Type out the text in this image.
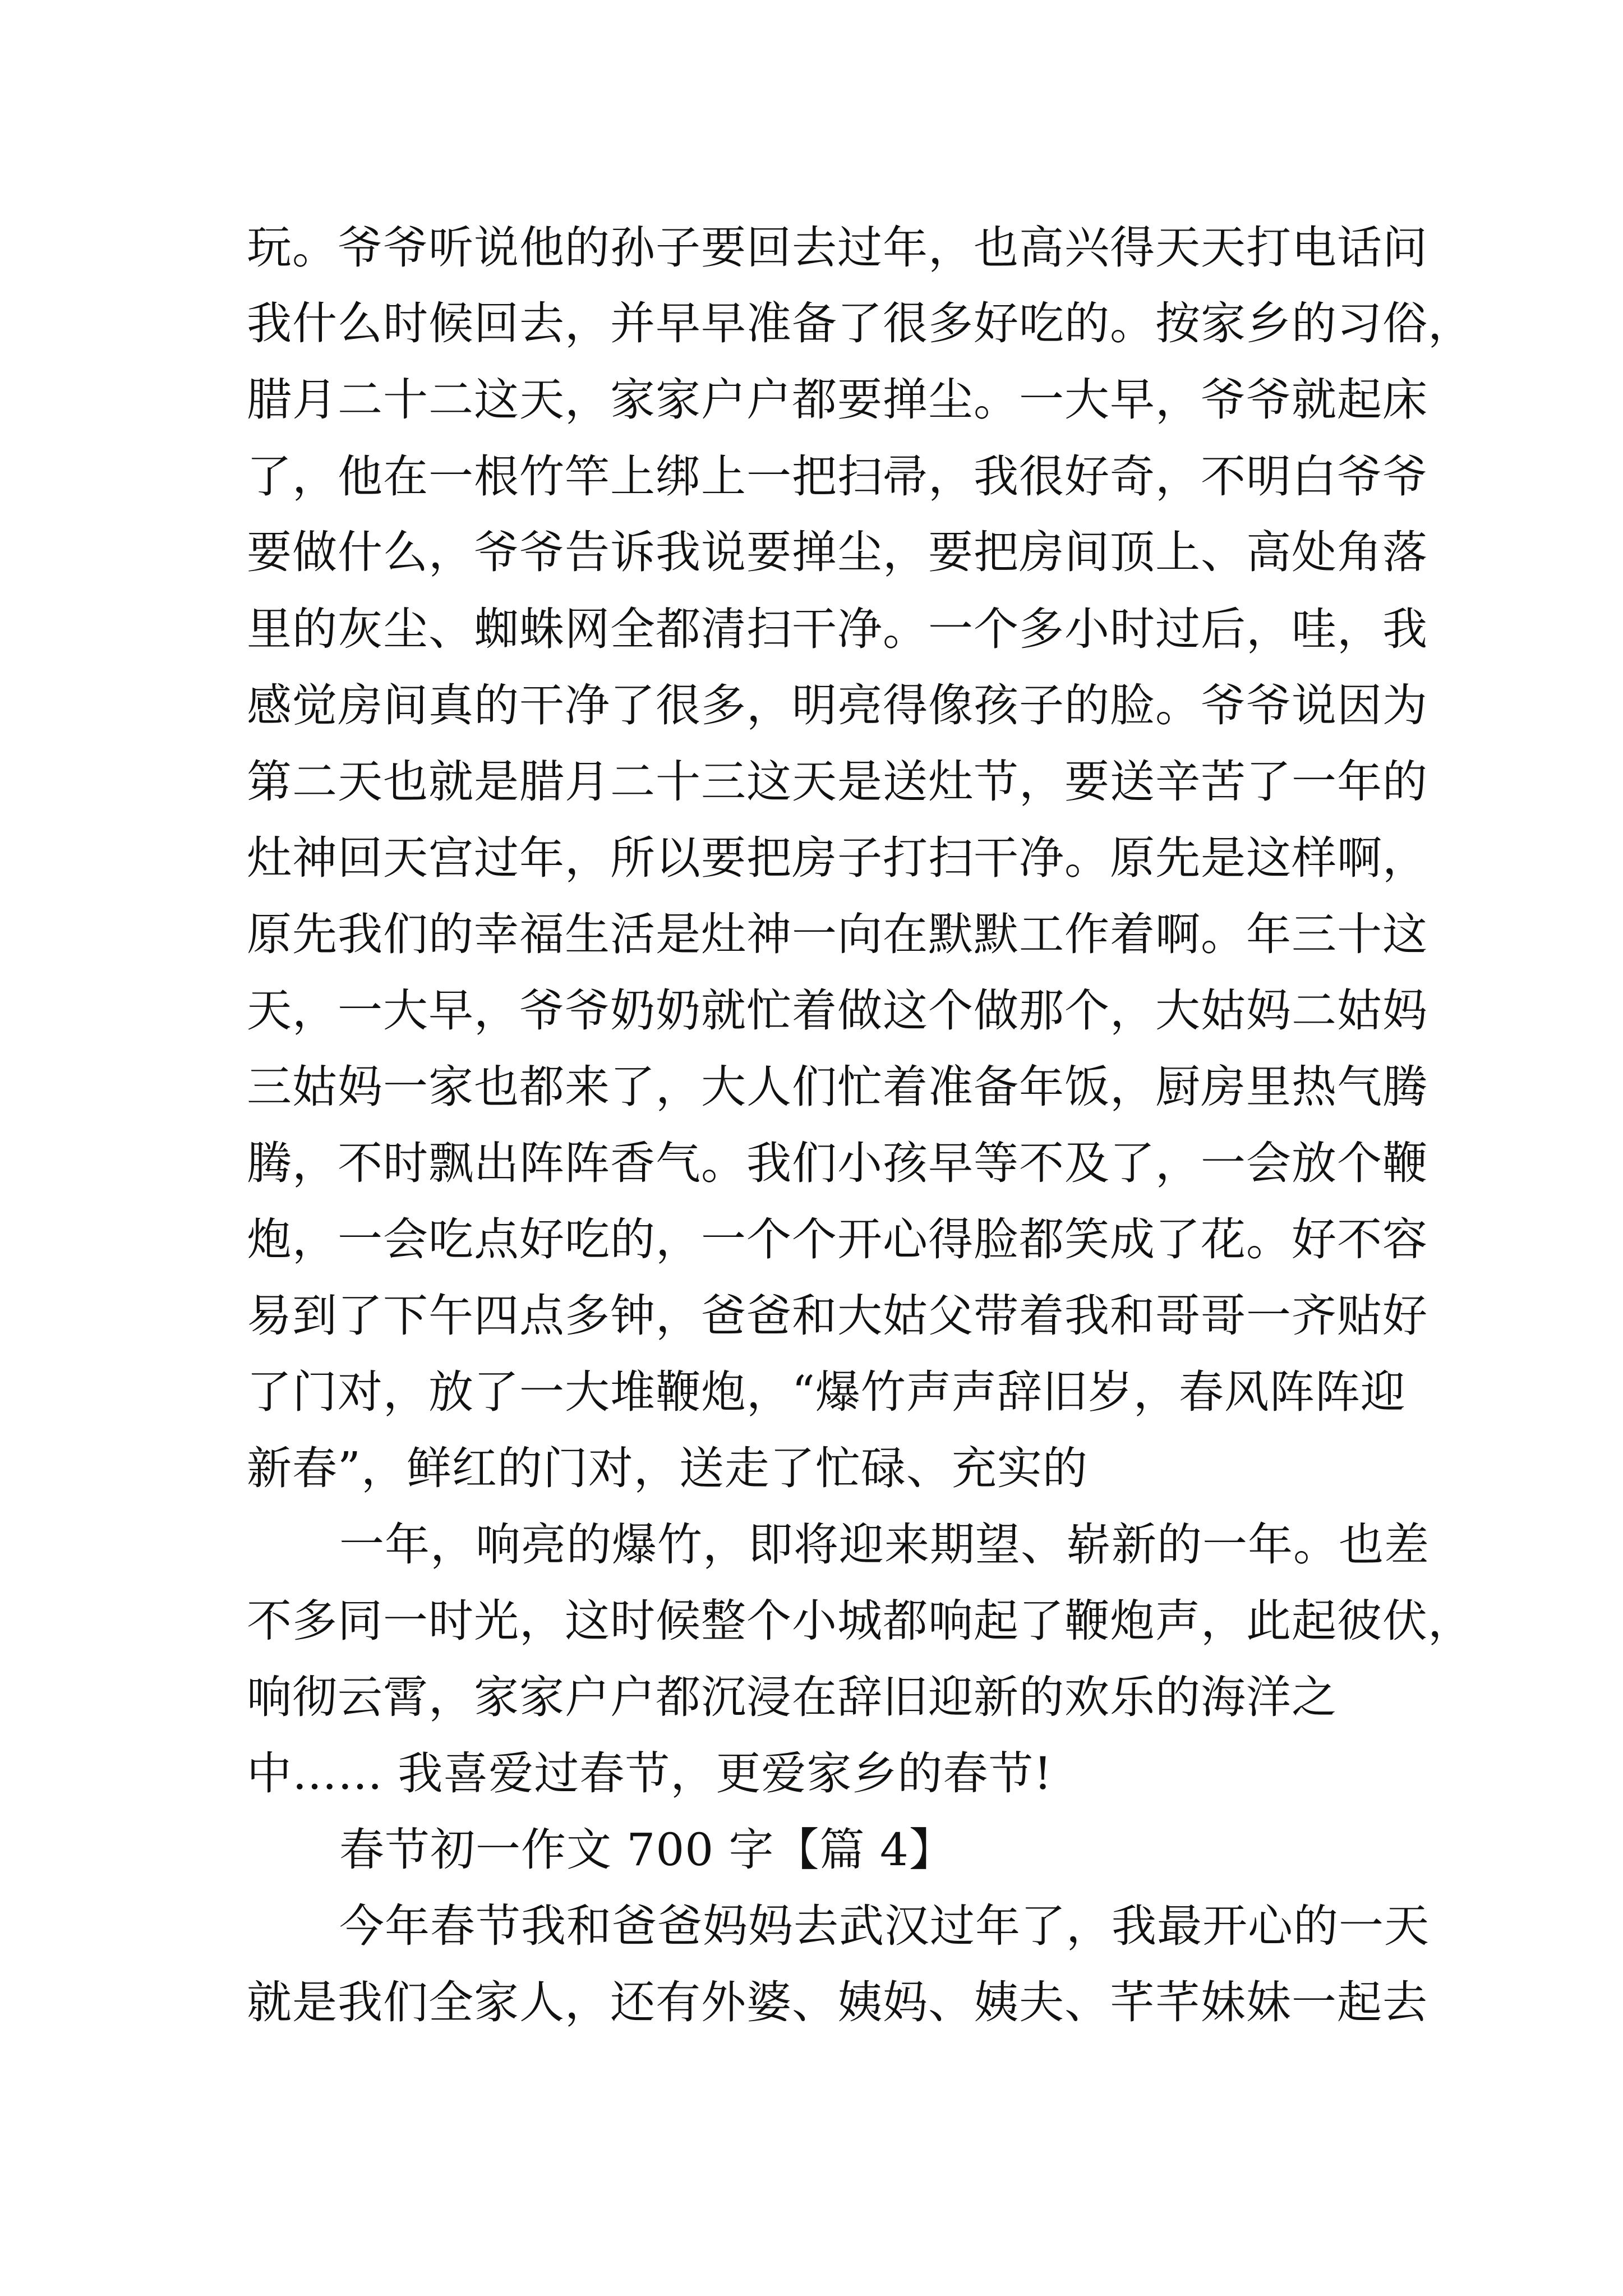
玩。爷爷听说他的孙子要回去过年，也高兴得天天打电话问
我什么时候回去，并早早准备了很多好吃的。按家乡的习俗，
腊月二十二这天，家家户户都要掸尘。一大早，爷爷就起床
了，他在一根竹竿上绑上一把扫帚，我很好奇，不明白爷爷
要做什么，爷爷告诉我说要掸尘，要把房间顶上、高处角落
里的灰尘、蜘蛛网全都清扫干净。一个多小时过后，哇，我
感觉房间真的干净了很多，明亮得像孩子的脸。爷爷说因为
第二天也就是腊月二十三这天是送灶节，要送辛苦了一年的
灶神回天宫过年，所以要把房子打扫干净。原先是这样啊，
原先我们的幸福生活是灶神一向在默默工作着啊。年三十这
天，一大早，爷爷奶奶就忙着做这个做那个，大姑妈二姑妈
三姑妈一家也都来了，大人们忙着准备年饭，厨房里热气腾
腾，不时飘出阵阵香气。我们小孩早等不及了，一会放个鞭
炮，一会吃点好吃的，一个个开心得脸都笑成了花。好不容
易到了下午四点多钟，爸爸和大姑父带着我和哥哥一齐贴好
了门对，放了一大堆鞭炮，“爆竹声声辞旧岁，春风阵阵迎
新春”，鲜红的门对，送走了忙碌、充实的
一年，响亮的爆竹，即将迎来期望、崭新的一年。也差
不多同一时光，这时候整个小城都响起了鞭炮声，此起彼伏，
响彻云霄，家家户户都沉浸在辞旧迎新的欢乐的海洋之
中…… 我喜爱过春节，更爱家乡的春节!
春节初一作文 700 字【篇 4】
今年春节我和爸爸妈妈去武汉过年了，我最开心的一天
就是我们全家人，还有外婆、姨妈、姨夫、芊芊妹妹一起去
